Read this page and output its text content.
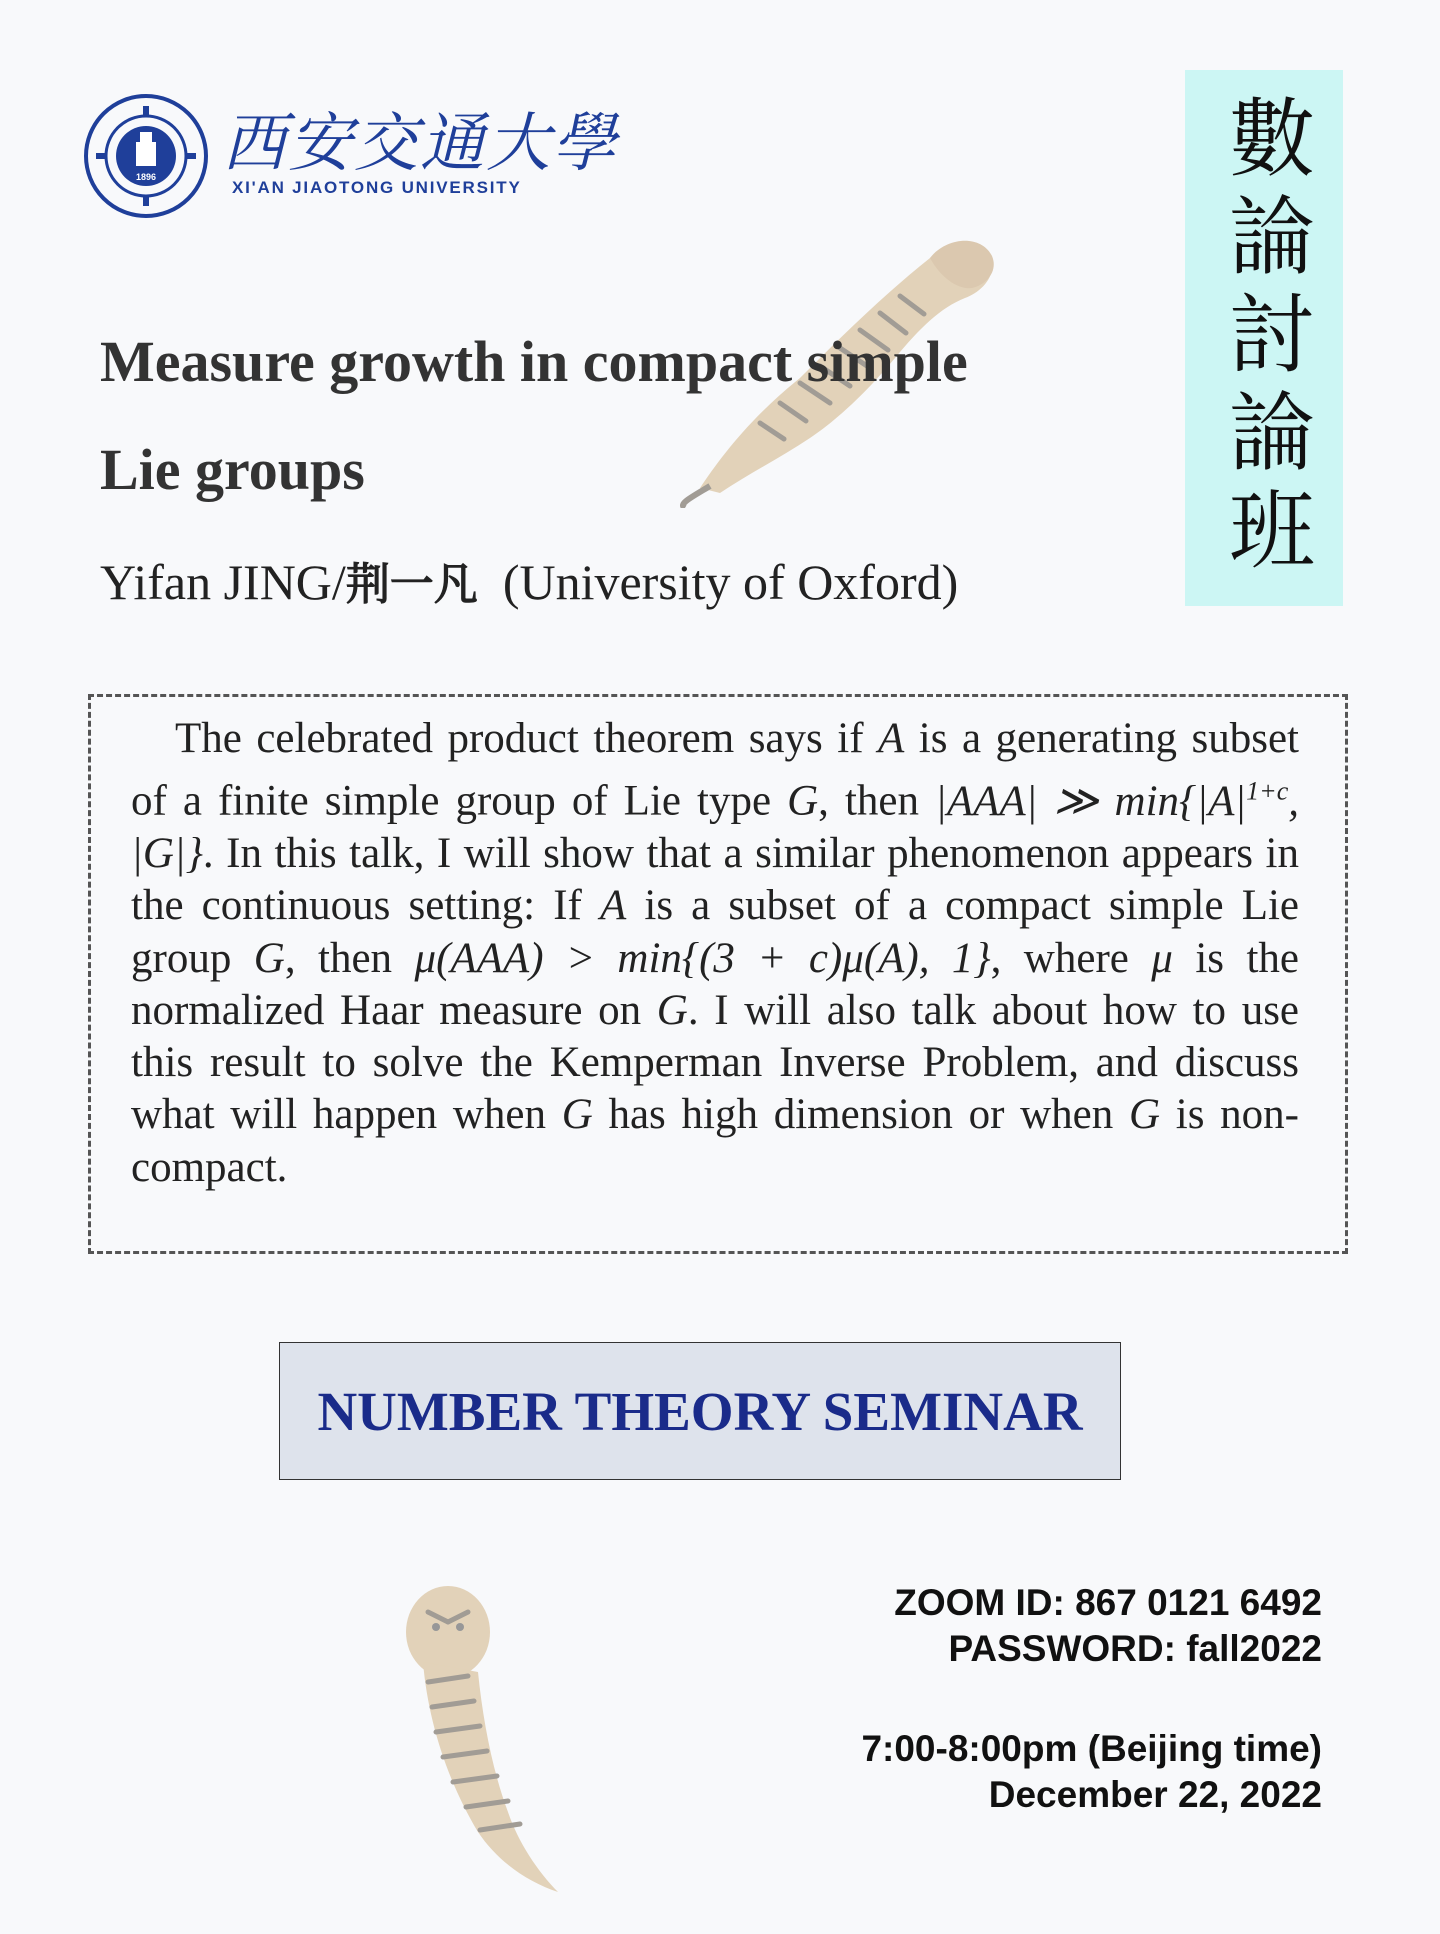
1896 西安交通大學
XI'AN JIAOTONG UNIVERSITY	數論討論班
Measure growth in compact simple
Lie groups
Yifan JING/荆一凡 (University of Oxford)
The celebrated product theorem says if A is a generating subset of a finite simple group of Lie type G, then |AAA| ≫ $\min\{|A|^{1+c}$, |G|}. In this talk, I will show that a similar phenomenon appears in the continuous setting: If A is a subset of a compact simple Lie group G, then μ(AAA) > min{(3 + c)μ(A), 1}, where μ is the normalized Haar measure on G. I will also talk about how to use this result to solve the Kemperman Inverse Problem, and discuss what will happen when G has high dimension or when G is non-compact.
NUMBER THEORY SEMINAR
ZOOM ID: 867 0121 6492
PASSWORD: fall2022
7:00-8:00pm (Beijing time)
December 22, 2022
